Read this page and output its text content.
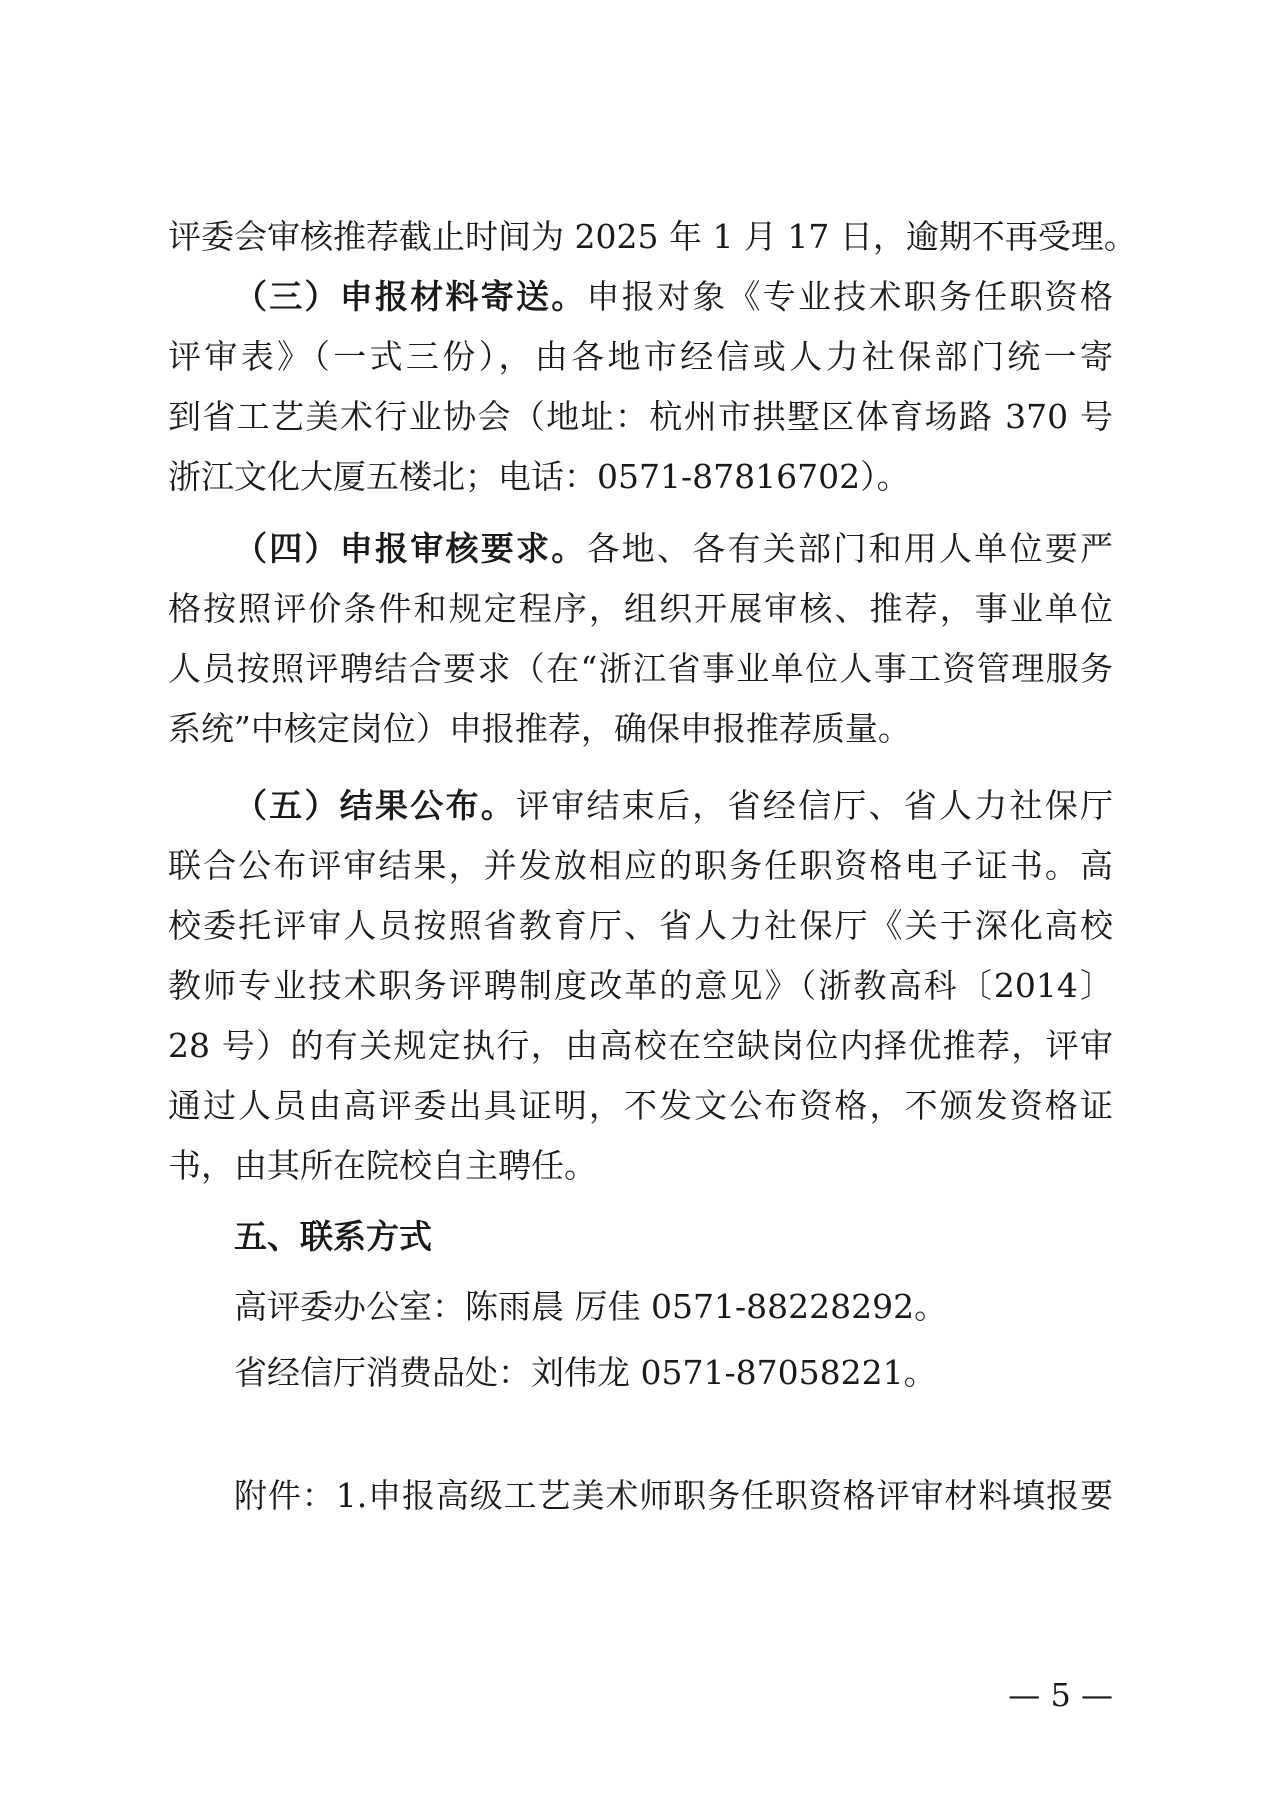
评委会审核推荐截止时间为 2025 年 1 月 17 日，逾期不再受理。
（三）申报材料寄送。申报对象《专业技术职务任职资格
评审表》（一式三份），由各地市经信或人力社保部门统一寄
到省工艺美术行业协会（地址：杭州市拱墅区体育场路 370 号
浙江文化大厦五楼北；电话：0571-87816702）。
（四）申报审核要求。各地、各有关部门和用人单位要严
格按照评价条件和规定程序，组织开展审核、推荐，事业单位
人员按照评聘结合要求（在“浙江省事业单位人事工资管理服务
系统”中核定岗位）申报推荐，确保申报推荐质量。
（五）结果公布。评审结束后，省经信厅、省人力社保厅
联合公布评审结果，并发放相应的职务任职资格电子证书。高
校委托评审人员按照省教育厅、省人力社保厅《关于深化高校
教师专业技术职务评聘制度改革的意见》（浙教高科〔2014〕
28 号）的有关规定执行，由高校在空缺岗位内择优推荐，评审
通过人员由高评委出具证明，不发文公布资格，不颁发资格证
书，由其所在院校自主聘任。
五、联系方式
高评委办公室：陈雨晨 厉佳 0571-88228292。
省经信厅消费品处：刘伟龙 0571-87058221。
附件：1.申报高级工艺美术师职务任职资格评审材料填报要
— 5 —
